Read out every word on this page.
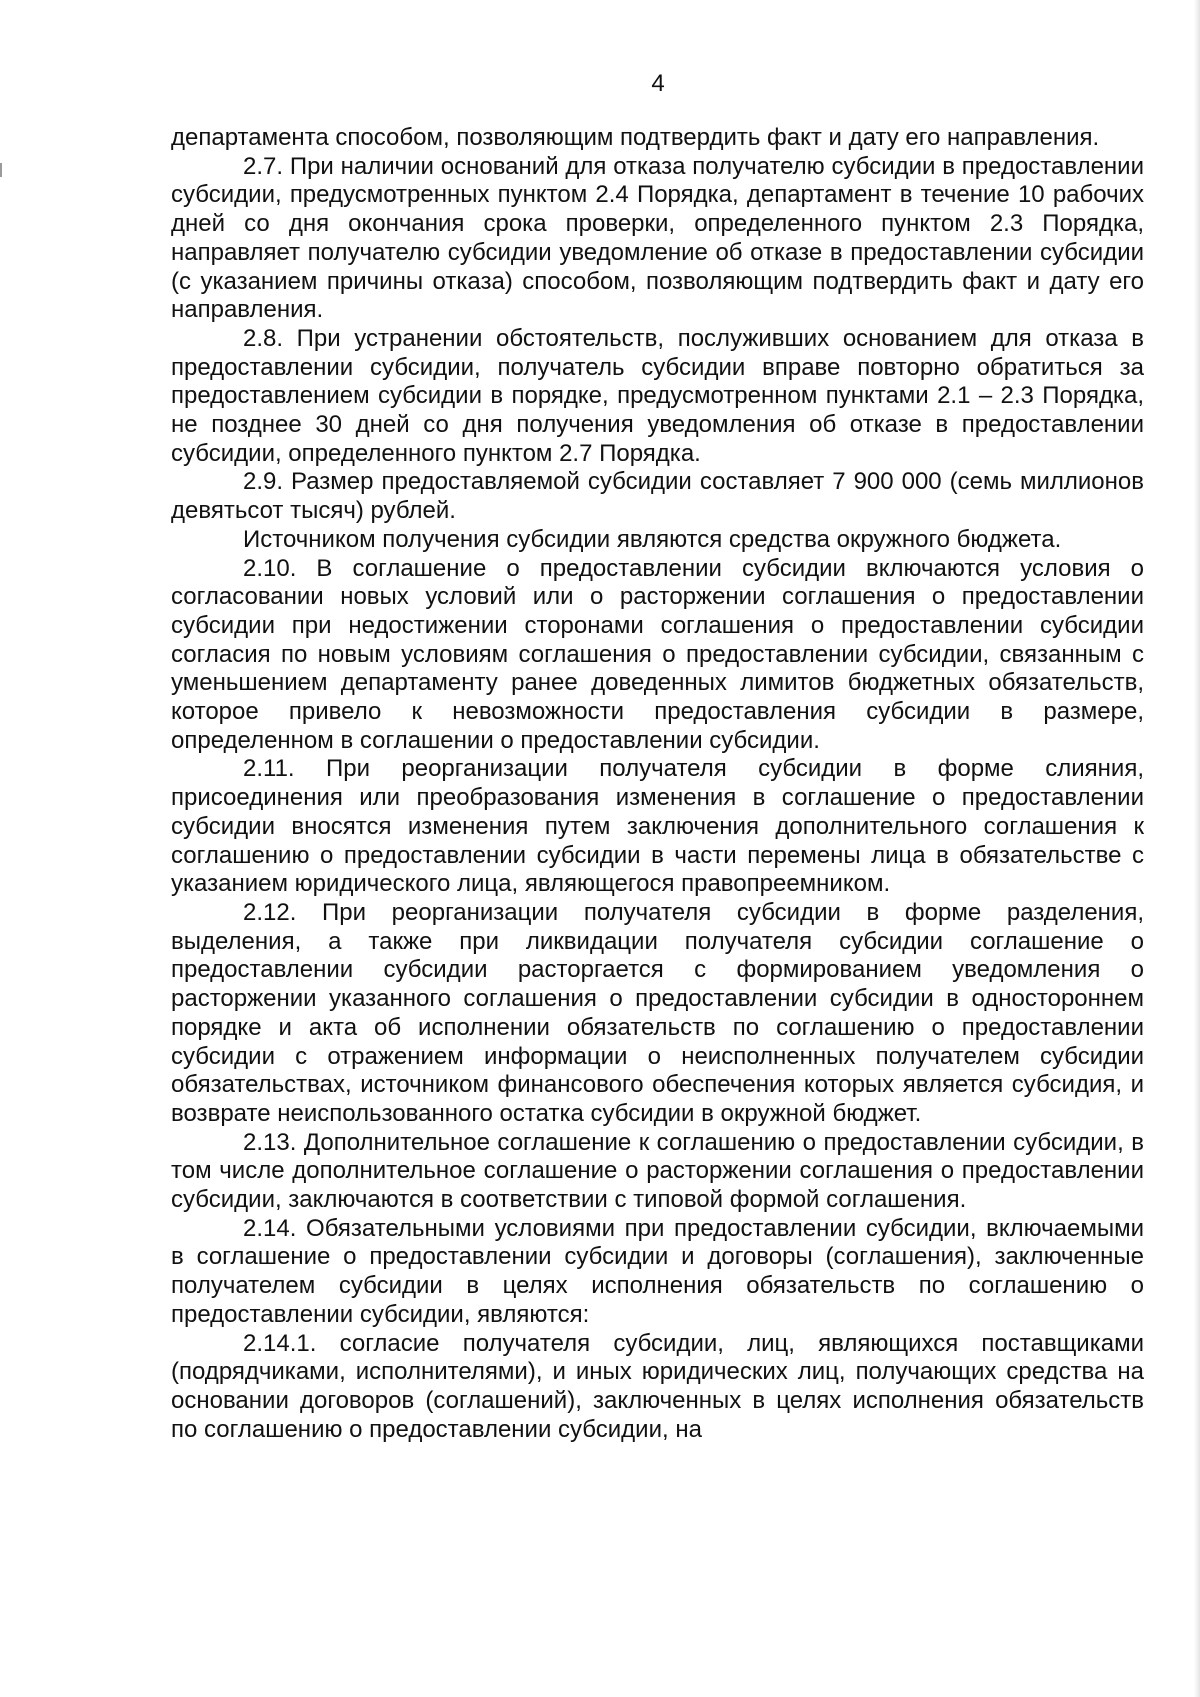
4

департамента способом, позволяющим подтвердить факт и дату его направления.

2.7. При наличии оснований для отказа получателю субсидии в предоставлении субсидии, предусмотренных пунктом 2.4 Порядка, департамент в течение 10 рабочих дней со дня окончания срока проверки, определенного пунктом 2.3 Порядка, направляет получателю субсидии уведомление об отказе в предоставлении субсидии (с указанием причины отказа) способом, позволяющим подтвердить факт и дату его направления.

2.8. При устранении обстоятельств, послуживших основанием для отказа в предоставлении субсидии, получатель субсидии вправе повторно обратиться за предоставлением субсидии в порядке, предусмотренном пунктами 2.1 – 2.3 Порядка, не позднее 30 дней со дня получения уведомления об отказе в предоставлении субсидии, определенного пунктом 2.7 Порядка.

2.9. Размер предоставляемой субсидии составляет 7 900 000 (семь миллионов девятьсот тысяч) рублей.

Источником получения субсидии являются средства окружного бюджета.

2.10. В соглашение о предоставлении субсидии включаются условия о согласовании новых условий или о расторжении соглашения о предоставлении субсидии при недостижении сторонами соглашения о предоставлении субсидии согласия по новым условиям соглашения о предоставлении субсидии, связанным с уменьшением департаменту ранее доведенных лимитов бюджетных обязательств, которое привело к невозможности предоставления субсидии в размере, определенном в соглашении о предоставлении субсидии.

2.11. При реорганизации получателя субсидии в форме слияния, присоединения или преобразования изменения в соглашение о предоставлении субсидии вносятся изменения путем заключения дополнительного соглашения к соглашению о предоставлении субсидии в части перемены лица в обязательстве с указанием юридического лица, являющегося правопреемником.

2.12. При реорганизации получателя субсидии в форме разделения, выделения, а также при ликвидации получателя субсидии соглашение о предоставлении субсидии расторгается с формированием уведомления о расторжении указанного соглашения о предоставлении субсидии в одностороннем порядке и акта об исполнении обязательств по соглашению о предоставлении субсидии с отражением информации о неисполненных получателем субсидии обязательствах, источником финансового обеспечения которых является субсидия, и возврате неиспользованного остатка субсидии в окружной бюджет.

2.13. Дополнительное соглашение к соглашению о предоставлении субсидии, в том числе дополнительное соглашение о расторжении соглашения о предоставлении субсидии, заключаются в соответствии с типовой формой соглашения.

2.14. Обязательными условиями при предоставлении субсидии, включаемыми в соглашение о предоставлении субсидии и договоры (соглашения), заключенные получателем субсидии в целях исполнения обязательств по соглашению о предоставлении субсидии, являются:

2.14.1. согласие получателя субсидии, лиц, являющихся поставщиками (подрядчиками, исполнителями), и иных юридических лиц, получающих средства на основании договоров (соглашений), заключенных в целях исполнения обязательств по соглашению о предоставлении субсидии, на
